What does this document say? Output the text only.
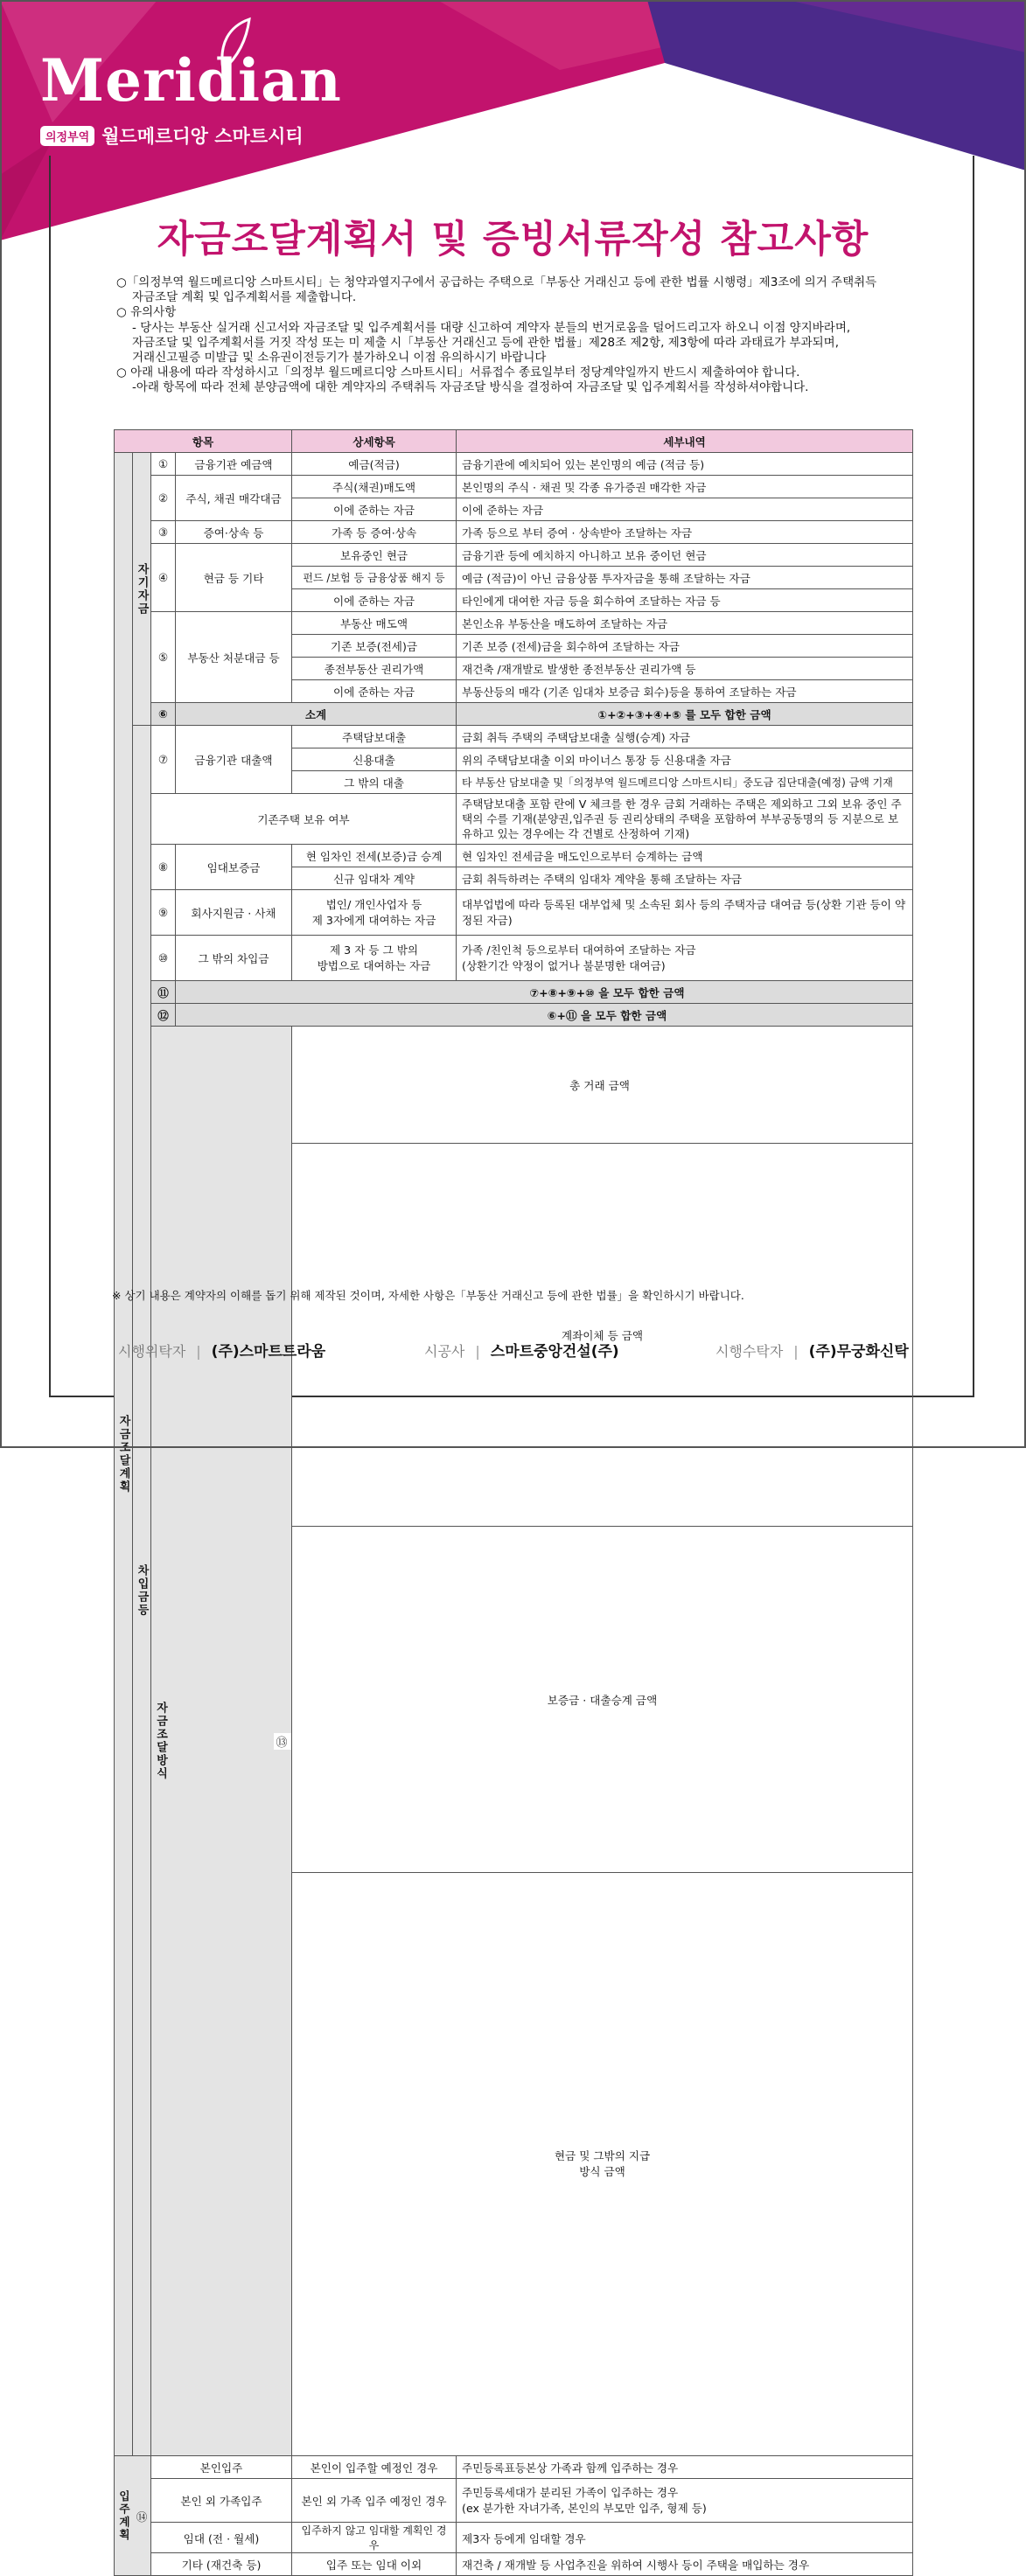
Meridian
의정부역 월드메르디앙 스마트시티
자금조달계획서 및 증빙서류작성 참고사항

○「의정부역 월드메르디앙 스마트시티」는 청약과열지구에서 공급하는 주택으로「부동산 거래신고 등에 관한 법률 시행령」제3조에 의거 주택취득

자금조달 계획 및 입주계획서를 제출합니다.

○ 유의사항

- 당사는 부동산 실거래 신고서와 자금조달 및 입주계획서를 대량 신고하여 계약자 분들의 번거로움을 덜어드리고자 하오니 이점 양지바라며,

자금조달 및 입주계획서를 거짓 작성 또는 미 제출 시「부동산 거래신고 등에 관한 법률」제28조 제2항, 제3항에 따라 과태료가 부과되며,

거래신고필증 미발급 및 소유권이전등기가 불가하오니 이점 유의하시기 바랍니다

○ 아래 내용에 따라 작성하시고「의정부 월드메르디앙 스마트시티」서류접수 종료일부터 정당계약일까지 반드시 제출하여야 합니다.

-아래 항목에 따라 전체 분양금액에 대한 계약자의 주택취득 자금조달 방식을 결정하여 자금조달 및 입주계획서를 작성하셔야합니다.

항목				상세항목	세부내역	
자금조달계획	자기자금	①	금융기관 예금액	예금(적금)	금융기관에 예치되어 있는 본인명의 예금 (적금 등)	
		②	주식, 채권 매각대금	주식(채권)매도액	본인명의 주식 · 채권 및 각종 유가증권 매각한 자금	
				이에 준하는 자금	이에 준하는 자금	
		③	증여·상속 등	가족 등 증여·상속	가족 등으로 부터 증여 · 상속받아 조달하는 자금	
		④	현금 등 기타	보유중인 현금	금융기관 등에 예치하지 아니하고 보유 중이던 현금	
				펀드 /보험 등 금융상품 해지 등	예금 (적금)이 아닌 금융상품 투자자금을 통해 조달하는 자금	
				이에 준하는 자금	타인에게 대여한 자금 등을 회수하여 조달하는 자금 등	
		⑤	부동산 처분대금 등	부동산 매도액	본인소유 부동산을 매도하여 조달하는 자금	
				기존 보증(전세)금	기존 보증 (전세)금을 회수하여 조달하는 자금	
				종전부동산 권리가액	재건축 /재개발로 발생한 종전부동산 권리가액 등	
				이에 준하는 자금	부동산등의 매각 (기존 임대차 보증금 회수)등을 통하여 조달하는 자금	
		⑥	소계		①+②+③+④+⑤ 를 모두 합한 금액	
	차입금등	⑦	금융기관 대출액	주택담보대출	금회 취득 주택의 주택담보대출 실행(승계) 자금	
				신용대출	위의 주택담보대출 이외 마이너스 통장 등 신용대출 자금	
				그 밖의 대출	타 부동산 담보대출 및「의정부역 월드메르디앙 스마트시티」중도금 집단대출(예정) 금액 기재	
		기존주택 보유 여부			주택담보대출 포함 란에 V 체크를 한 경우 금회 거래하는 주택은 제외하고 그외 보유 중인 주택의 수를 기재(분양권,입주권 등 권리상태의 주택을 포함하여 부부공동명의 등 지분으로 보유하고 있는 경우에는 각 건별로 산정하여 기재)	
		⑧	임대보증금	현 임차인 전세(보증)금 승계	현 임차인 전세금을 매도인으로부터 승계하는 금액	
				신규 임대차 계약	금회 취득하려는 주택의 임대차 계약을 통해 조달하는 자금	
		⑨	회사지원금 · 사채	법인/ 개인사업자 등
제 3자에게 대여하는 자금	대부업법에 따라 등록된 대부업체 및 소속된 회사 등의 주택자금 대여금 등(상환 기관 등이 약정된 자금)	
		⑩	그 밖의 차입금	제 3 자 등 그 밖의
방법으로 대여하는 자금	가족 /친인척 등으로부터 대여하여 조달하는 자금
(상환기간 약정이 없거나 불분명한 대여금)	
		⑪	⑦+⑧+⑨+⑩ 을 모두 합한 금액			
		⑫	⑥+⑪ 을 모두 합한 금액			

		자금조달방식 ⑬		총 거래 금액	
				계좌이체 등 금액		
				보증금 · 대출승계 금액		
				현금 및 그밖의 지급
방식 금액		

입주계획 ⑭		본인입주		본인이 입주할 예정인 경우	주민등록표등본상 가족과 함께 입주하는 경우	
		본인 외 가족입주		본인 외 가족 입주 예정인 경우	주민등록세대가 분리된 가족이 입주하는 경우
(ex 분가한 자녀가족, 본인의 부모만 입주, 형제 등)	
		임대 (전 · 월세)		입주하지 않고 임대할 계획인 경우	제3자 등에게 임대할 경우	
		기타 (재건축 등)		입주 또는 임대 이외	재건축 / 재개발 등 사업추진을 위하여 시행사 등이 주택을 매입하는 경우	
※ 상기 내용은 계약자의 이해를 돕기 위해 제작된 것이며, 자세한 사항은「부동산 거래신고 등에 관한 법률」을 확인하시기 바랍니다.
시행위탁자 | (주)스마트트라움	시공사 | 스마트중앙건설(주)	시행수탁자 | (주)무궁화신탁
